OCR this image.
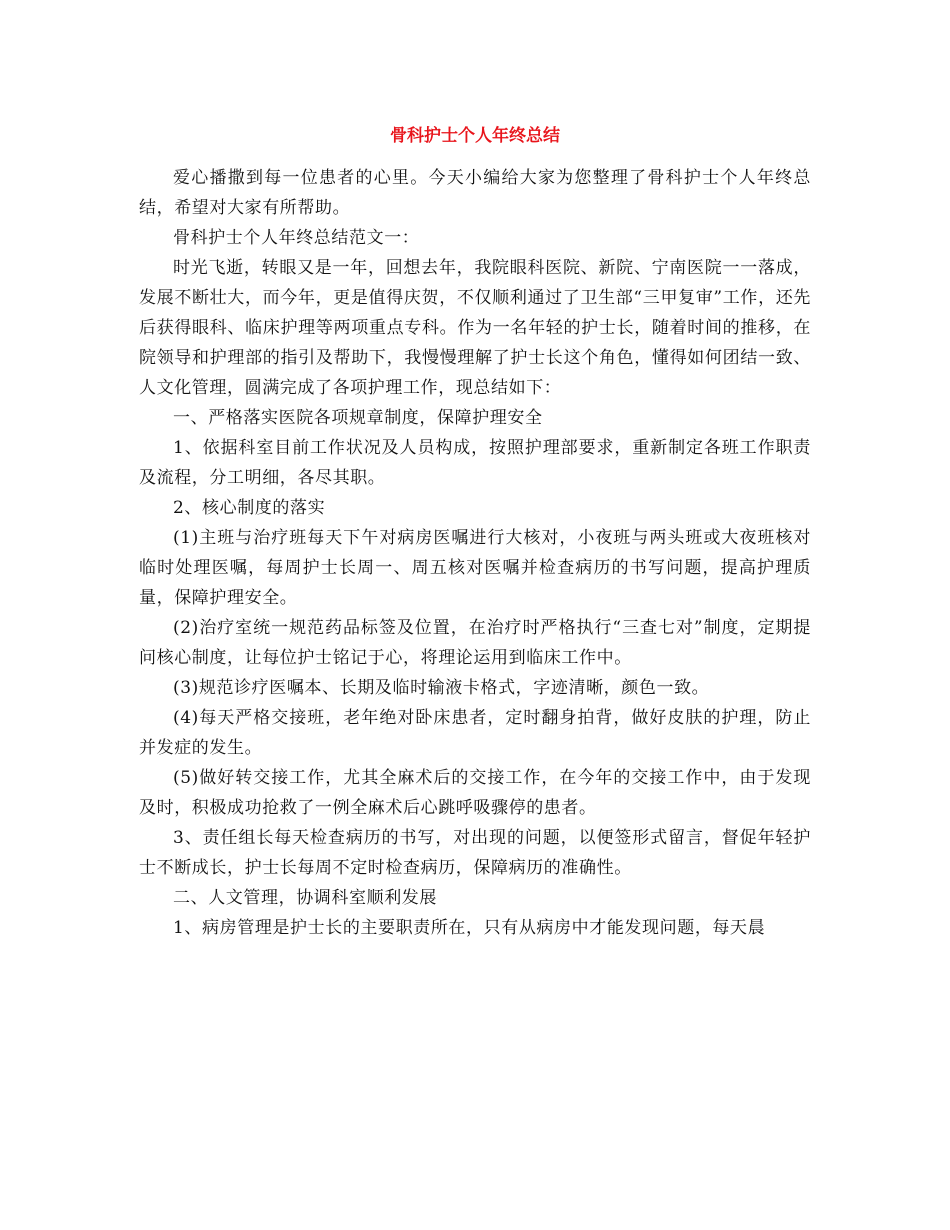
骨科护士个人年终总结

爱心播撒到每一位患者的心里。今天小编给大家为您整理了骨科护士个人年终总结，希望对大家有所帮助。

骨科护士个人年终总结范文一：

时光飞逝，转眼又是一年，回想去年，我院眼科医院、新院、宁南医院一一落成，发展不断壮大，而今年，更是值得庆贺，不仅顺利通过了卫生部“三甲复审”工作，还先后获得眼科、临床护理等两项重点专科。作为一名年轻的护士长，随着时间的推移，在院领导和护理部的指引及帮助下，我慢慢理解了护士长这个角色，懂得如何团结一致、人文化管理，圆满完成了各项护理工作，现总结如下：

一、严格落实医院各项规章制度，保障护理安全

1、依据科室目前工作状况及人员构成，按照护理部要求，重新制定各班工作职责及流程，分工明细，各尽其职。

2、核心制度的落实

(1)主班与治疗班每天下午对病房医嘱进行大核对，小夜班与两头班或大夜班核对临时处理医嘱，每周护士长周一、周五核对医嘱并检查病历的书写问题，提高护理质量，保障护理安全。

(2)治疗室统一规范药品标签及位置，在治疗时严格执行“三查七对”制度，定期提问核心制度，让每位护士铭记于心，将理论运用到临床工作中。

(3)规范诊疗医嘱本、长期及临时输液卡格式，字迹清晰，颜色一致。

(4)每天严格交接班，老年绝对卧床患者，定时翻身拍背，做好皮肤的护理，防止并发症的发生。

(5)做好转交接工作，尤其全麻术后的交接工作，在今年的交接工作中，由于发现及时，积极成功抢救了一例全麻术后心跳呼吸骤停的患者。

3、责任组长每天检查病历的书写，对出现的问题，以便签形式留言，督促年轻护士不断成长，护士长每周不定时检查病历，保障病历的准确性。

二、人文管理，协调科室顺利发展

1、病房管理是护士长的主要职责所在，只有从病房中才能发现问题，每天晨
